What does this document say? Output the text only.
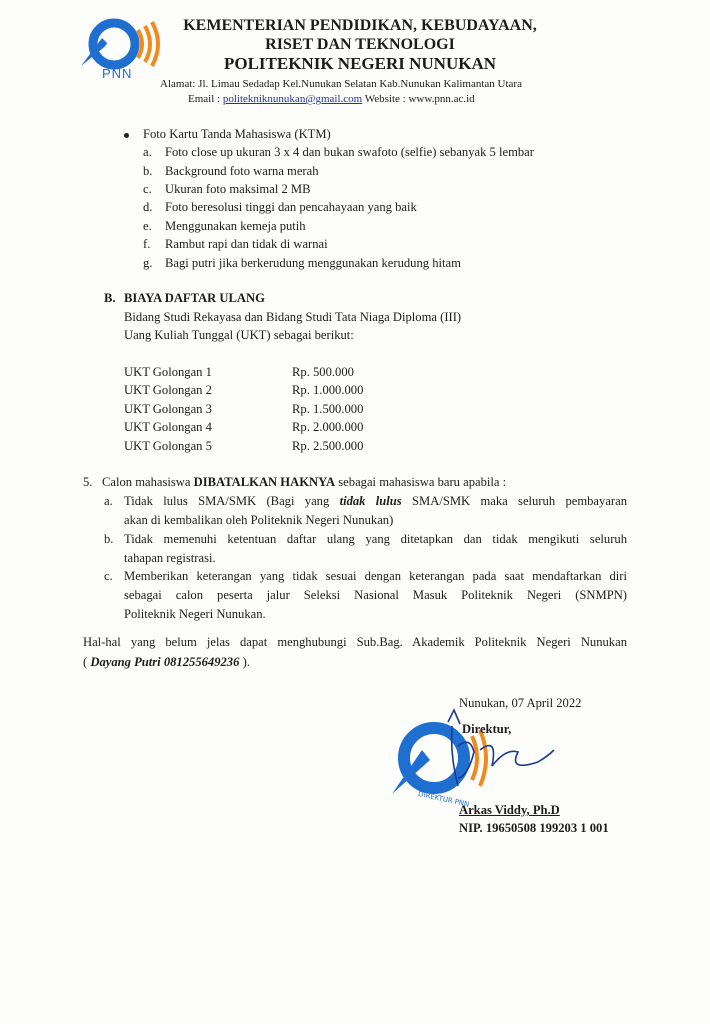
PNN
KEMENTERIAN PENDIDIKAN, KEBUDAYAAN,
RISET DAN TEKNOLOGI
POLITEKNIK NEGERI NUNUKAN
Alamat: Jl. Limau Sedadap Kel.Nunukan Selatan Kab.Nunukan Kalimantan Utara
Email : politekniknunukan@gmail.com Website : www.pnn.ac.id
Foto Kartu Tanda Mahasiswa (KTM)
a. Foto close up ukuran 3 x 4 dan bukan swafoto (selfie) sebanyak 5 lembar
b. Background foto warna merah
c. Ukuran foto maksimal 2 MB
d. Foto beresolusi tinggi dan pencahayaan yang baik
e. Menggunakan kemeja putih
f. Rambut rapi dan tidak di warnai
g. Bagi putri jika berkerudung menggunakan kerudung hitam
B. BIAYA DAFTAR ULANG
Bidang Studi Rekayasa dan Bidang Studi Tata Niaga Diploma (III)
Uang Kuliah Tunggal (UKT) sebagai berikut:
UKT Golongan 1	Rp. 500.000
UKT Golongan 2	Rp. 1.000.000
UKT Golongan 3	Rp. 1.500.000
UKT Golongan 4	Rp. 2.000.000
UKT Golongan 5	Rp. 2.500.000
5. Calon mahasiswa DIBATALKAN HAKNYA sebagai mahasiswa baru apabila :
a. Tidak lulus SMA/SMK (Bagi yang tidak lulus SMA/SMK maka seluruh pembayaran
akan di kembalikan oleh Politeknik Negeri Nunukan)
b. Tidak memenuhi ketentuan daftar ulang yang ditetapkan dan tidak mengikuti seluruh
tahapan registrasi.
c. Memberikan keterangan yang tidak sesuai dengan keterangan pada saat mendaftarkan diri
sebagai calon peserta jalur Seleksi Nasional Masuk Politeknik Negeri (SNMPN)
Politeknik Negeri Nunukan.
Hal-hal yang belum jelas dapat menghubungi Sub.Bag. Akademik Politeknik Negeri Nunukan
( Dayang Putri 081255649236 ).
Nunukan, 07 April 2022
DIREKTUR PNN
Direktur,
Arkas Viddy, Ph.D
NIP. 19650508 199203 1 001
